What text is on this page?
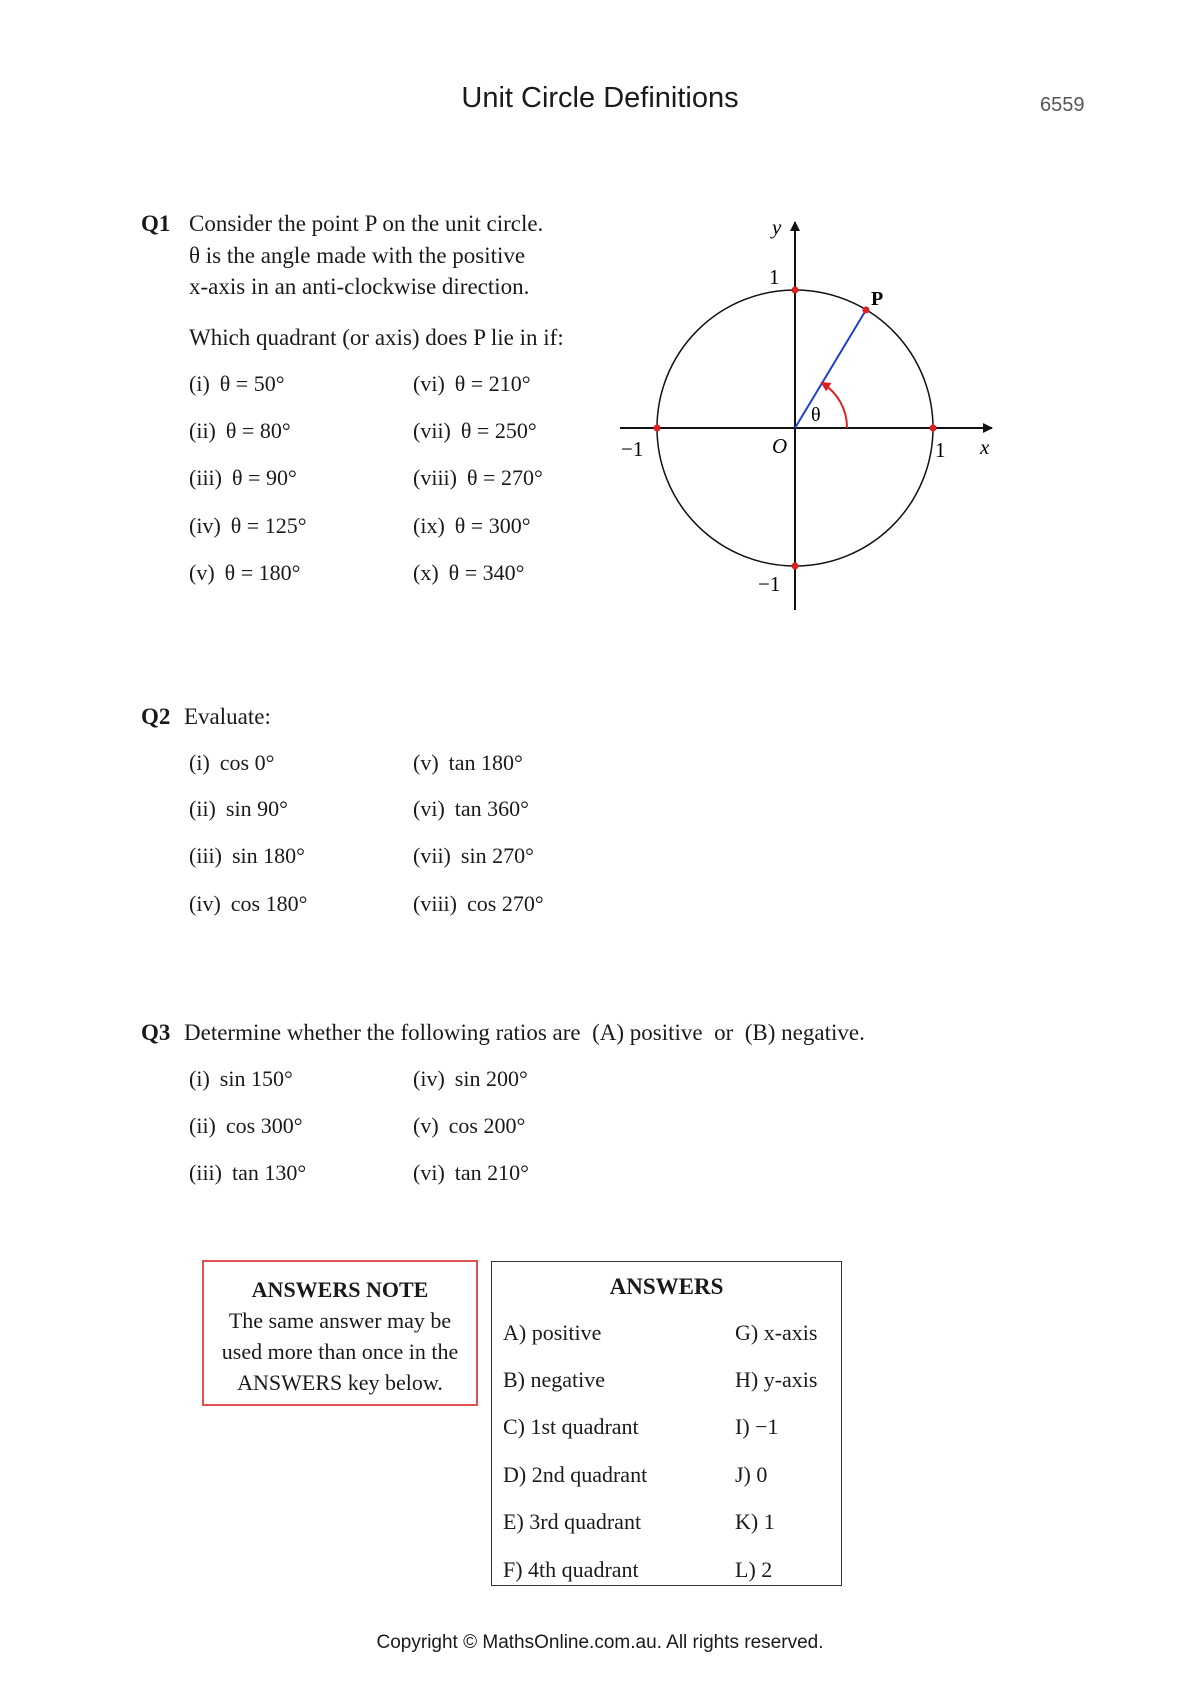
Unit Circle Definitions	6559
Q1 Consider the point P on the unit circle.
θ is the angle made with the positive
x-axis in an anti-clockwise direction.
Which quadrant (or axis) does P lie in if:
(i) θ = 50°
(ii) θ = 80°
(iii) θ = 90°
(iv) θ = 125°
(v) θ = 180°
(vi) θ = 210°
(vii) θ = 250°
(viii) θ = 270°
(ix) θ = 300°
(x) θ = 340°
y
x
O
P
θ
1
−1
−1	1
Q2 Evaluate:
(i) cos 0°
(ii) sin 90°
(iii) sin 180°
(iv) cos 180°
(v) tan 180°
(vi) tan 360°
(vii) sin 270°
(viii) cos 270°
Q3 Determine whether the following ratios are  (A) positive  or  (B) negative.
(i) sin 150°
(ii) cos 300°
(iii) tan 130°
(iv) sin 200°
(v) cos 200°
(vi) tan 210°
ANSWERS NOTE
The same answer may be
used more than once in the
ANSWERS key below.
ANSWERS
A) positive
B) negative
C) 1st quadrant
D) 2nd quadrant
E) 3rd quadrant
F) 4th quadrant
G) x-axis
H) y-axis
I) −1
J) 0
K) 1
L) 2
Copyright © MathsOnline.com.au. All rights reserved.
